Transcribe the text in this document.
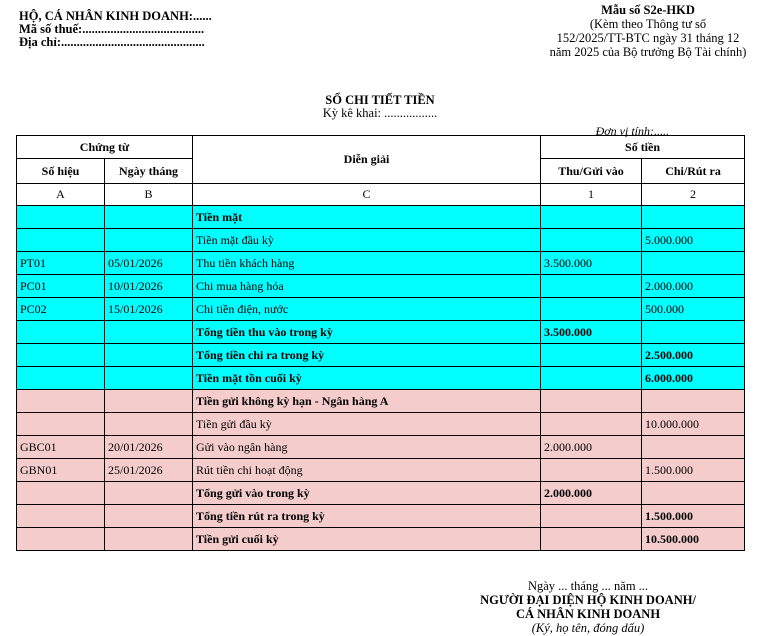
HỘ, CÁ NHÂN KINH DOANH:......
Mã số thuế:.......................................
Địa chỉ:..............................................
Mẫu số S2e-HKD
(Kèm theo Thông tư số
152/2025/TT-BTC ngày 31 tháng 12
năm 2025 của Bộ trưởng Bộ Tài chính)
SỔ CHI TIẾT TIỀN
Kỳ kê khai: .................
Đơn vị tính:.....
Chứng từ		Diễn giải	Số tiền	
Số hiệu	Ngày tháng		Thu/Gửi vào	Chi/Rút ra
A	B	C	1	2
		Tiền mặt		
		Tiền mặt đầu kỳ		5.000.000
PT01	05/01/2026	Thu tiền khách hàng	3.500.000	
PC01	10/01/2026	Chi mua hàng hóa		2.000.000
PC02	15/01/2026	Chi tiền điện, nước		500.000
		Tổng tiền thu vào trong kỳ	3.500.000	
		Tổng tiền chi ra trong kỳ		2.500.000
		Tiền mặt tồn cuối kỳ		6.000.000
		Tiền gửi không kỳ hạn - Ngân hàng A		
		Tiền gửi đầu kỳ		10.000.000
GBC01	20/01/2026	Gửi vào ngân hàng	2.000.000	
GBN01	25/01/2026	Rút tiền chi hoạt động		1.500.000
		Tổng gửi vào trong kỳ	2.000.000	
		Tổng tiền rút ra trong kỳ		1.500.000
		Tiền gửi cuối kỳ		10.500.000
Ngày ... tháng ... năm ...
NGƯỜI ĐẠI DIỆN HỘ KINH DOANH/
CÁ NHÂN KINH DOANH
(Ký, họ tên, đóng dấu)
